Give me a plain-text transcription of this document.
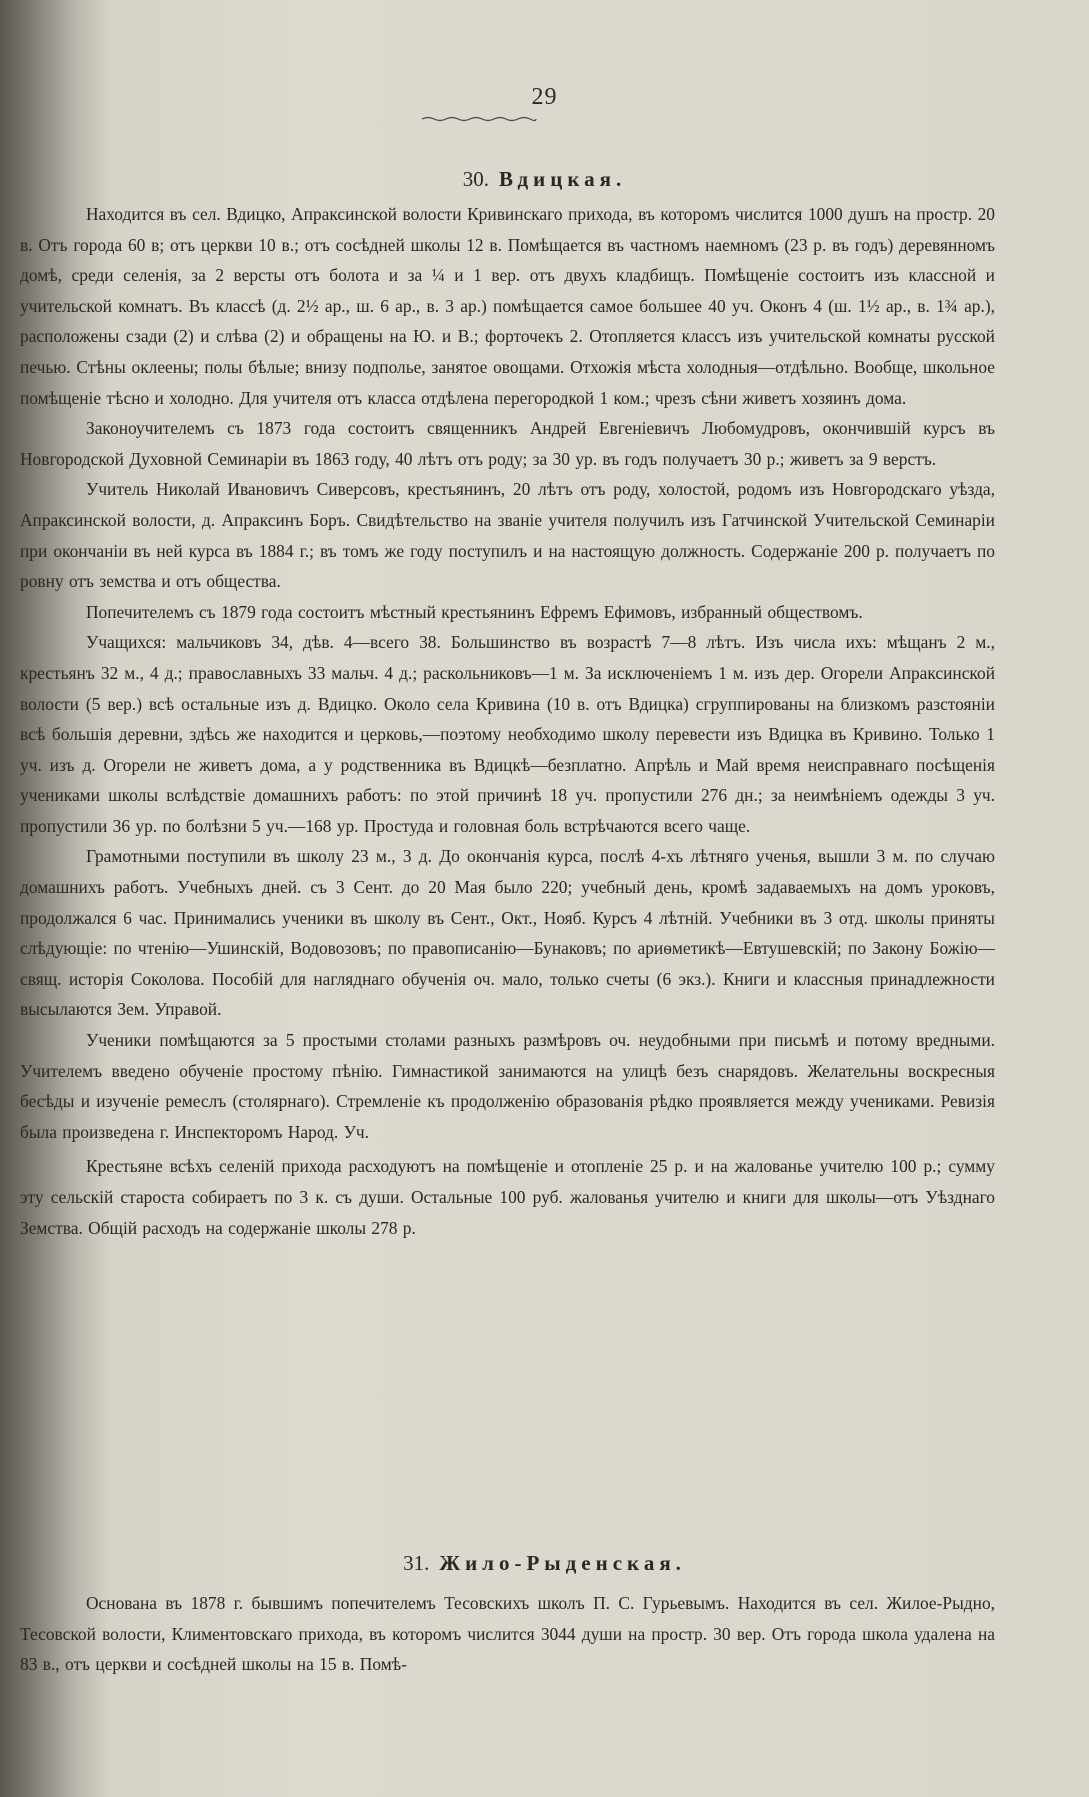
29
30. Вдицкая.

Находится въ сел. Вдицко, Апраксинской волости Кривинскаго прихода, въ которомъ числится 1000 душъ на простр. 20 в. Отъ города 60 в; отъ церкви 10 в.; отъ сосѣдней школы 12 в. Помѣщается въ частномъ наемномъ (23 р. въ годъ) деревянномъ домѣ, среди селенія, за 2 версты отъ болота и за ¼ и 1 вер. отъ двухъ кладбищъ. Помѣщеніе состоитъ изъ классной и учительской комнатъ. Въ классѣ (д. 2½ ар., ш. 6 ар., в. 3 ар.) помѣщается самое большее 40 уч. Оконъ 4 (ш. 1½ ар., в. 1¾ ар.), расположены сзади (2) и слѣва (2) и обращены на Ю. и В.; форточекъ 2. Отопляется классъ изъ учительской комнаты русской печью. Стѣны оклеены; полы бѣлые; внизу подполье, занятое овощами. Отхожія мѣста холодныя—отдѣльно. Вообще, школьное помѣщеніе тѣсно и холодно. Для учителя отъ класса отдѣлена перегородкой 1 ком.; чрезъ сѣни живетъ хозяинъ дома.

Законоучителемъ съ 1873 года состоитъ священникъ Андрей Евгеніевичъ Любомудровъ, окончившій курсъ въ Новгородской Духовной Семинаріи въ 1863 году, 40 лѣтъ отъ роду; за 30 ур. въ годъ получаетъ 30 р.; живетъ за 9 верстъ.

Учитель Николай Ивановичъ Сиверсовъ, крестьянинъ, 20 лѣтъ отъ роду, холостой, родомъ изъ Новгородскаго уѣзда, Апраксинской волости, д. Апраксинъ Боръ. Свидѣтельство на званіе учителя получилъ изъ Гатчинской Учительской Семинаріи при окончаніи въ ней курса въ 1884 г.; въ томъ же году поступилъ и на настоящую должность. Содержаніе 200 р. получаетъ по ровну отъ земства и отъ общества.

Попечителемъ съ 1879 года состоитъ мѣстный крестьянинъ Ефремъ Ефимовъ, избранный обществомъ.

Учащихся: мальчиковъ 34, дѣв. 4—всего 38. Большинство въ возрастѣ 7—8 лѣтъ. Изъ числа ихъ: мѣщанъ 2 м., крестьянъ 32 м., 4 д.; православныхъ 33 мальч. 4 д.; раскольниковъ—1 м. За исключеніемъ 1 м. изъ дер. Огорели Апраксинской волости (5 вер.) всѣ остальные изъ д. Вдицко. Около села Кривина (10 в. отъ Вдицка) сгруппированы на близкомъ разстояніи всѣ большія деревни, здѣсь же находится и церковь,—поэтому необходимо школу перевести изъ Вдицка въ Кривино. Только 1 уч. изъ д. Огорели не живетъ дома, а у родственника въ Вдицкѣ—безплатно. Апрѣль и Май время неисправнаго посѣщенія учениками школы вслѣдствіе домашнихъ работъ: по этой причинѣ 18 уч. пропустили 276 дн.; за неимѣніемъ одежды 3 уч. пропустили 36 ур. по болѣзни 5 уч.—168 ур. Простуда и головная боль встрѣчаются всего чаще.

Грамотными поступили въ школу 23 м., 3 д. До окончанія курса, послѣ 4-хъ лѣтняго ученья, вышли 3 м. по случаю домашнихъ работъ. Учебныхъ дней. съ 3 Сент. до 20 Мая было 220; учебный день, кромѣ задаваемыхъ на домъ уроковъ, продолжался 6 час. Принимались ученики въ школу въ Сент., Окт., Нояб. Курсъ 4 лѣтній. Учебники въ 3 отд. школы приняты слѣдующіе: по чтенію—Ушинскій, Водовозовъ; по правописанію—Бунаковъ; по ариѳметикѣ—Евтушевскій; по Закону Божію—свящ. исторія Соколова. Пособій для нагляднаго обученія оч. мало, только счеты (6 экз.). Книги и классныя принадлежности высылаются Зем. Управой.

Ученики помѣщаются за 5 простыми столами разныхъ размѣровъ оч. неудобными при письмѣ и потому вредными. Учителемъ введено обученіе простому пѣнію. Гимнастикой занимаются на улицѣ безъ снарядовъ. Желательны воскресныя бесѣды и изученіе ремеслъ (столярнаго). Стремленіе къ продолженію образованія рѣдко проявляется между учениками. Ревизія была произведена г. Инспекторомъ Народ. Уч.

Крестьяне всѣхъ селеній прихода расходуютъ на помѣщеніе и отопленіе 25 р. и на жалованье учителю 100 р.; сумму эту сельскій староста собираетъ по 3 к. съ души. Остальные 100 руб. жалованья учителю и книги для школы—отъ Уѣзднаго Земства. Общій расходъ на содержаніе школы 278 р.

31. Жило-Рыденская.

Основана въ 1878 г. бывшимъ попечителемъ Тесовскихъ школъ П. С. Гурьевымъ. Находится въ сел. Жилое-Рыдно, Тесовской волости, Климентовскаго прихода, въ которомъ числится 3044 души на простр. 30 вер. Отъ города школа удалена на 83 в., отъ церкви и сосѣдней школы на 15 в. Помѣ-
